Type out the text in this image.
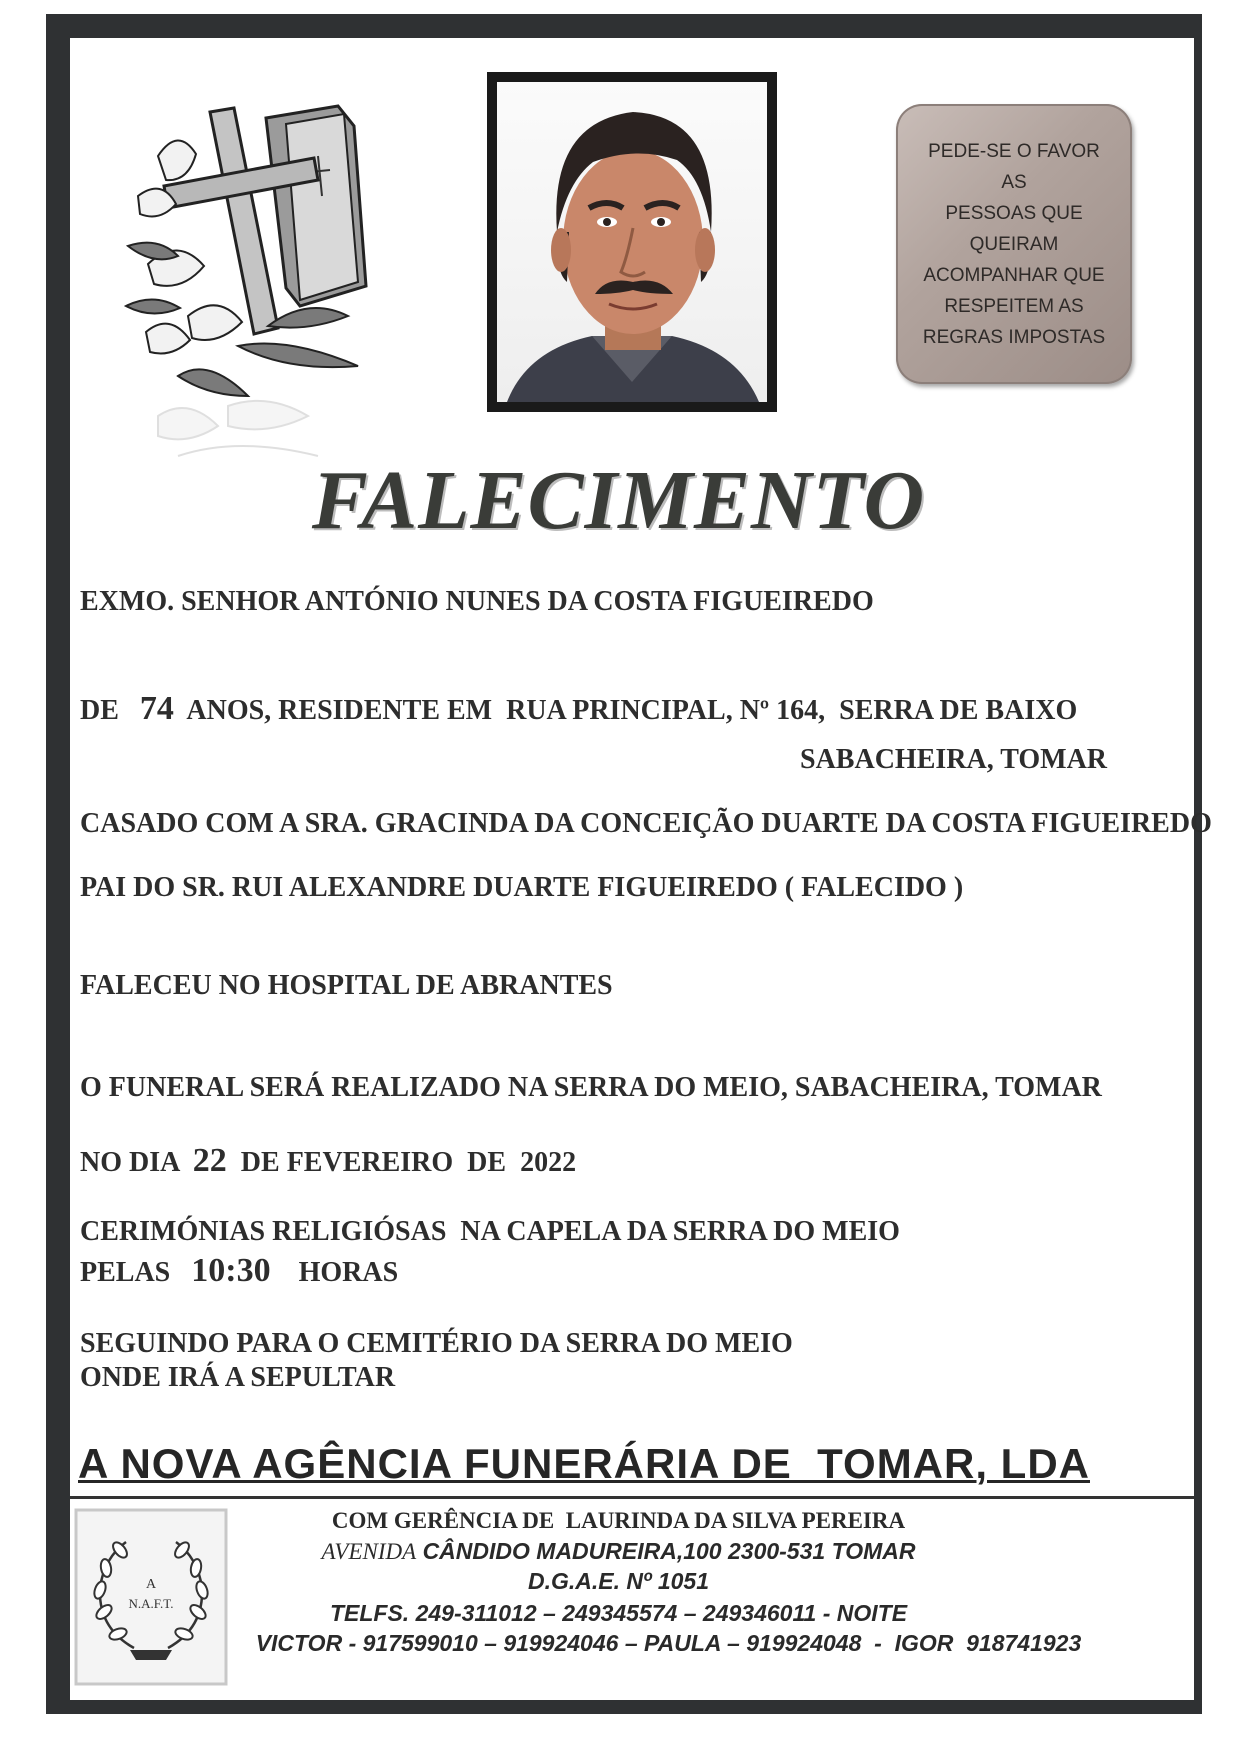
PEDE-SE O FAVOR AS
PESSOAS QUE
QUEIRAM
ACOMPANHAR QUE
RESPEITEM AS
REGRAS IMPOSTAS
FALECIMENTO
EXMO. SENHOR ANTÓNIO NUNES DA COSTA FIGUEIREDO
DE 74 ANOS, RESIDENTE EM  RUA PRINCIPAL, Nº 164,  SERRA DE BAIXO
SABACHEIRA, TOMAR
CASADO COM A SRA. GRACINDA DA CONCEIÇÃO DUARTE DA COSTA FIGUEIREDO
PAI DO SR. RUI ALEXANDRE DUARTE FIGUEIREDO ( FALECIDO )
FALECEU NO HOSPITAL DE ABRANTES
O FUNERAL SERÁ REALIZADO NA SERRA DO MEIO, SABACHEIRA, TOMAR
NO DIA 22 DE FEVEREIRO  DE 2022
CERIMÓNIAS RELIGIÓSAS  NA CAPELA DA SERRA DO MEIO
PELAS 10:30 HORAS
SEGUINDO PARA O CEMITÉRIO DA SERRA DO MEIO
ONDE IRÁ A SEPULTAR
A NOVA AGÊNCIA FUNERÁRIA DE  TOMAR, LDA
A
N.A.F.T.
COM GERÊNCIA DE  LAURINDA DA SILVA PEREIRA
AVENIDA CÂNDIDO MADUREIRA,100 2300-531 TOMAR
D.G.A.E. Nº 1051
TELFS. 249-311012 – 249345574 – 249346011 - NOITE
VICTOR - 917599010 – 919924046 – PAULA – 919924048  -  IGOR  918741923
